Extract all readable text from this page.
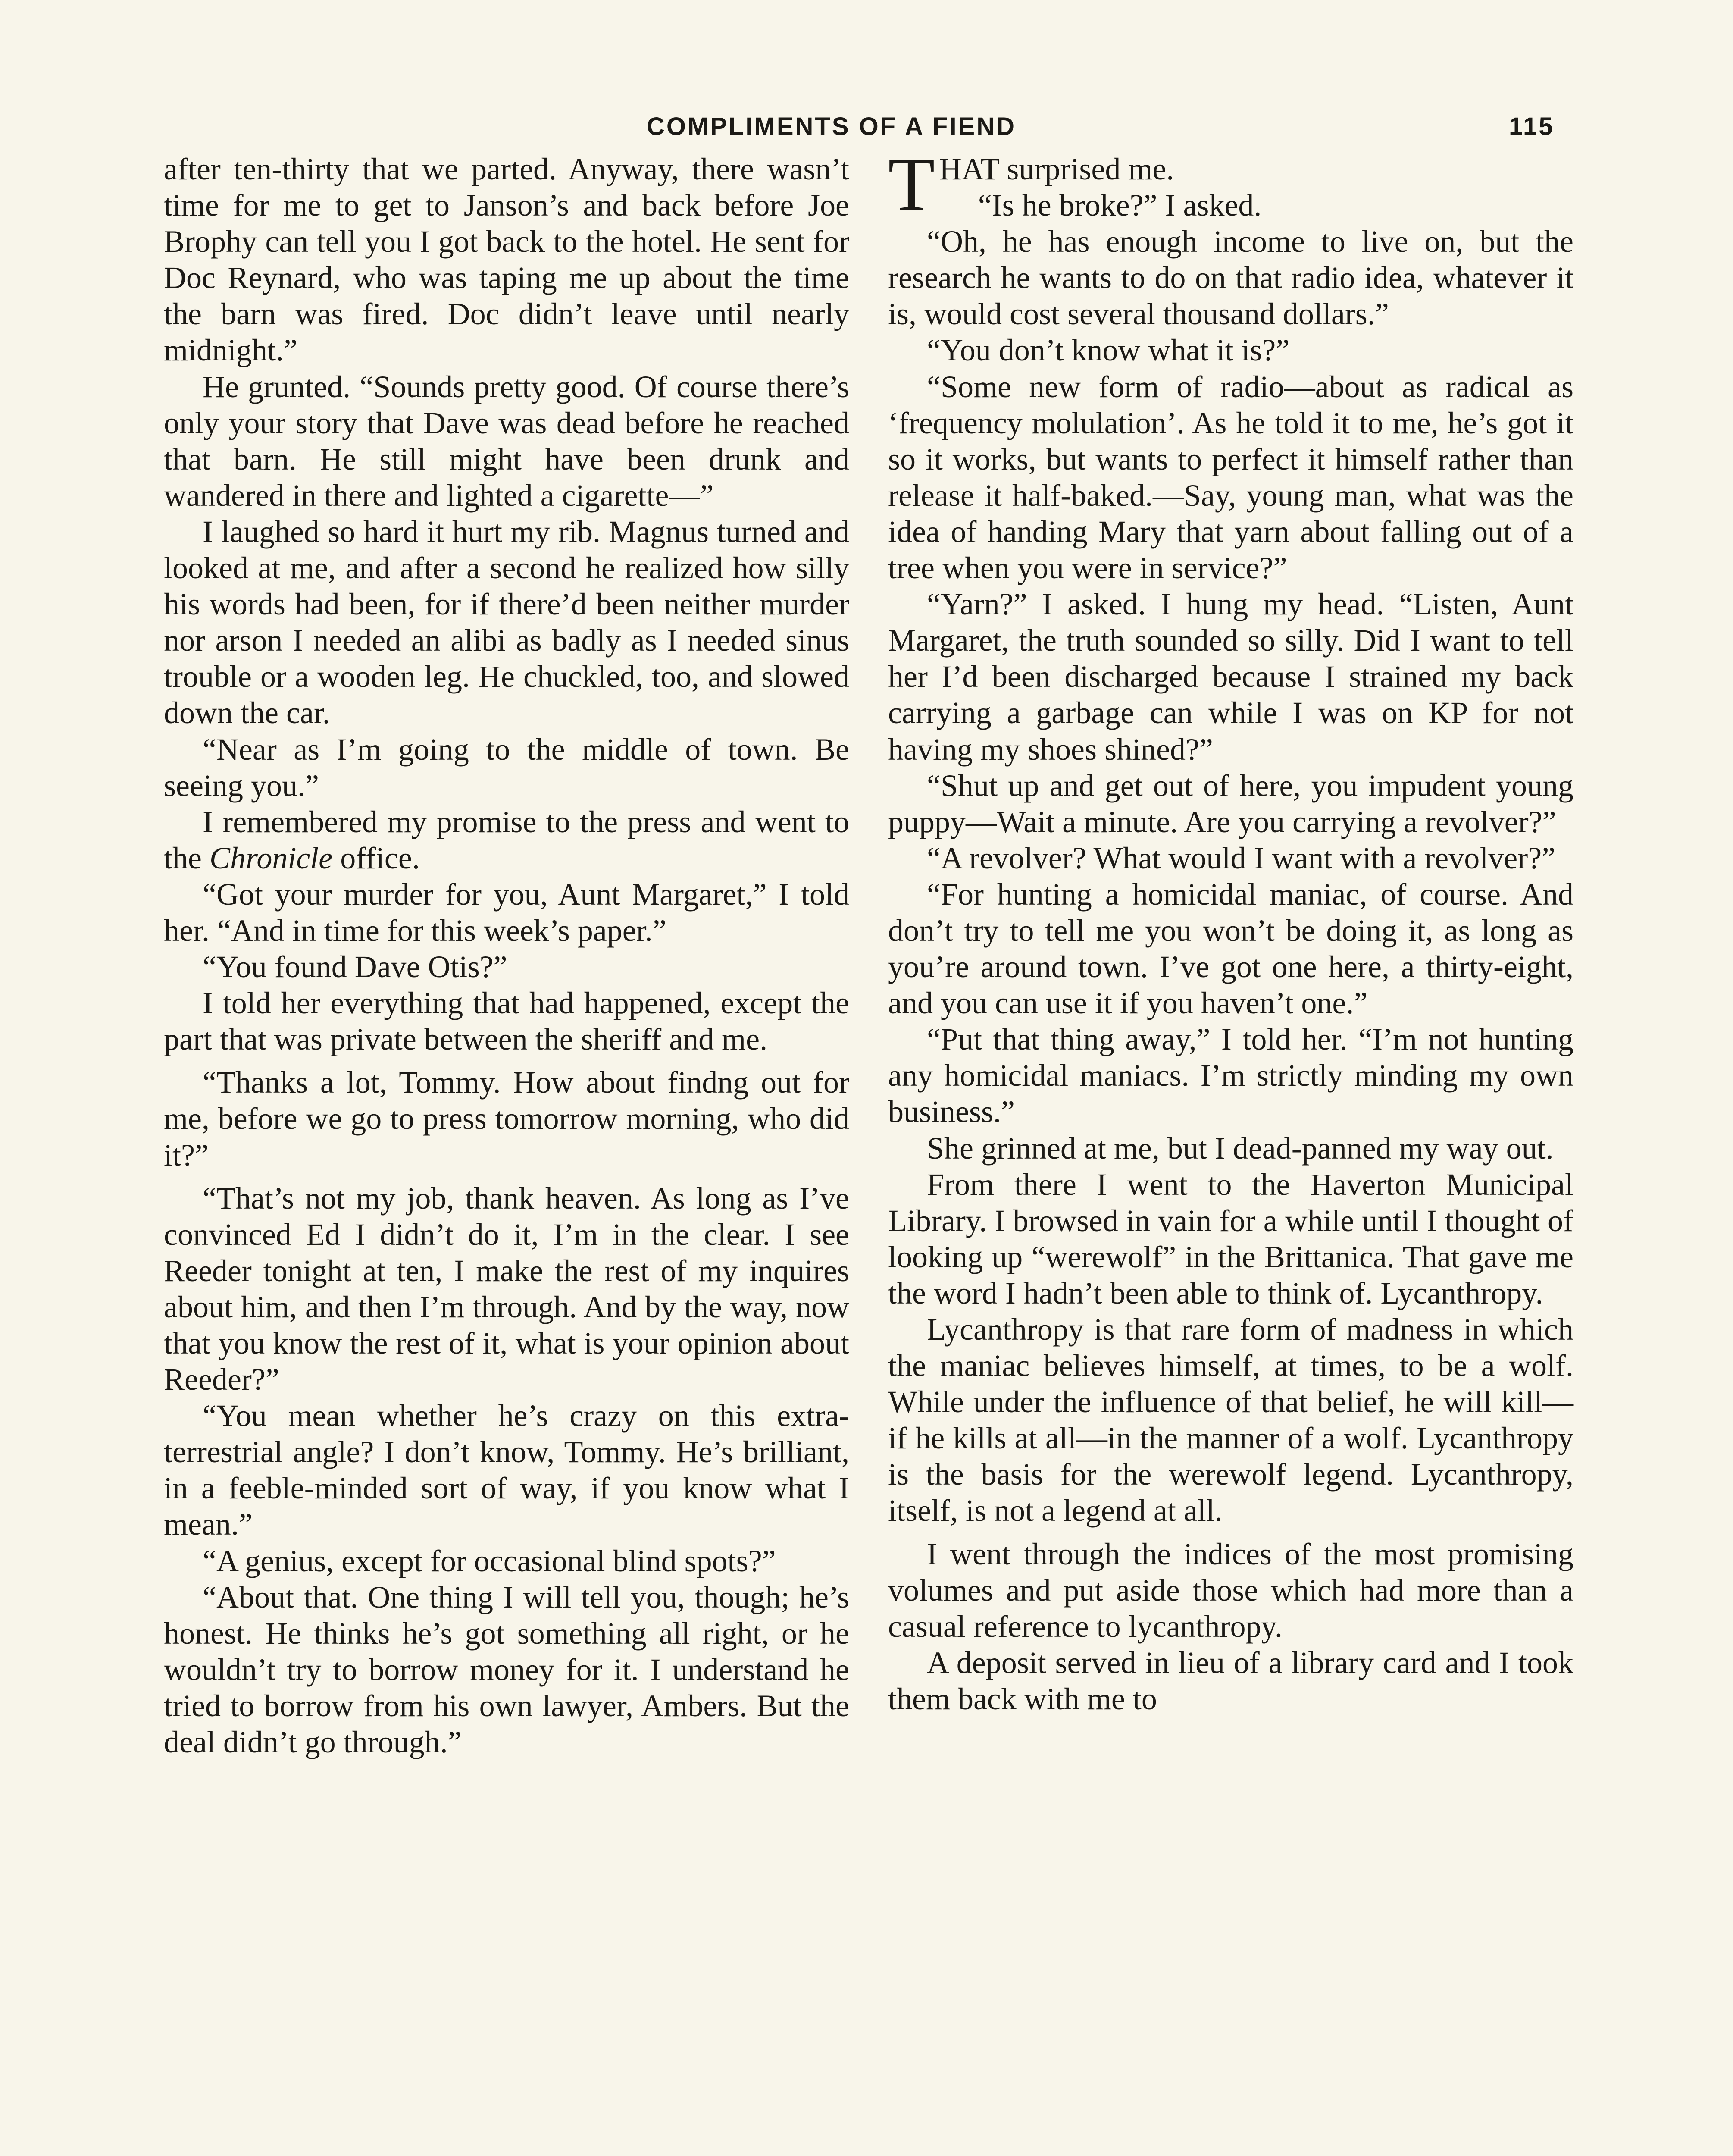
COMPLIMENTS OF A FIEND	115

after ten-thirty that we parted. Anyway, there wasn’t time for me to get to Janson’s and back before Joe Brophy can tell you I got back to the hotel. He sent for Doc Reynard, who was taping me up about the time the barn was fired. Doc didn’t leave until nearly midnight.”

He grunted. “Sounds pretty good. Of course there’s only your story that Dave was dead before he reached that barn. He still might have been drunk and wandered in there and lighted a cigarette—”

I laughed so hard it hurt my rib. Magnus turned and looked at me, and after a second he realized how silly his words had been, for if there’d been neither murder nor arson I needed an alibi as badly as I needed sinus trouble or a wooden leg. He chuckled, too, and slowed down the car.

“Near as I’m going to the middle of town. Be seeing you.”

I remembered my promise to the press and went to the Chronicle office.

“Got your murder for you, Aunt Margaret,” I told her. “And in time for this week’s paper.”

“You found Dave Otis?”

I told her everything that had happened, except the part that was private between the sheriff and me.

“Thanks a lot, Tommy. How about findng out for me, before we go to press tomorrow morning, who did it?”

“That’s not my job, thank heaven. As long as I’ve convinced Ed I didn’t do it, I’m in the clear. I see Reeder tonight at ten, I make the rest of my inquires about him, and then I’m through. And by the way, now that you know the rest of it, what is your opinion about Reeder?”

“You mean whether he’s crazy on this extra-terrestrial angle? I don’t know, Tommy. He’s brilliant, in a feeble-minded sort of way, if you know what I mean.”

“A genius, except for occasional blind spots?”

“About that. One thing I will tell you, though; he’s honest. He thinks he’s got something all right, or he wouldn’t try to borrow money for it. I understand he tried to borrow from his own lawyer, Ambers. But the deal didn’t go through.”

THAT surprised me.

“Is he broke?” I asked.

“Oh, he has enough income to live on, but the research he wants to do on that radio idea, whatever it is, would cost several thousand dollars.”

“You don’t know what it is?”

“Some new form of radio—about as radical as ‘frequency molulation’. As he told it to me, he’s got it so it works, but wants to perfect it himself rather than release it half-baked.—Say, young man, what was the idea of handing Mary that yarn about falling out of a tree when you were in service?”

“Yarn?” I asked. I hung my head. “Listen, Aunt Margaret, the truth sounded so silly. Did I want to tell her I’d been discharged because I strained my back carrying a garbage can while I was on KP for not having my shoes shined?”

“Shut up and get out of here, you impudent young puppy—Wait a minute. Are you carrying a revolver?”

“A revolver? What would I want with a revolver?”

“For hunting a homicidal maniac, of course. And don’t try to tell me you won’t be doing it, as long as you’re around town. I’ve got one here, a thirty-eight, and you can use it if you haven’t one.”

“Put that thing away,” I told her. “I’m not hunting any homicidal maniacs. I’m strictly minding my own business.”

She grinned at me, but I dead-panned my way out.

From there I went to the Haverton Municipal Library. I browsed in vain for a while until I thought of looking up “werewolf” in the Brittanica. That gave me the word I hadn’t been able to think of. Lycanthropy.

Lycanthropy is that rare form of madness in which the maniac believes himself, at times, to be a wolf. While under the influence of that belief, he will kill—if he kills at all—in the manner of a wolf. Lycanthropy is the basis for the werewolf legend. Lycanthropy, itself, is not a legend at all.

I went through the indices of the most promising volumes and put aside those which had more than a casual reference to lycanthropy.

A deposit served in lieu of a library card and I took them back with me to
